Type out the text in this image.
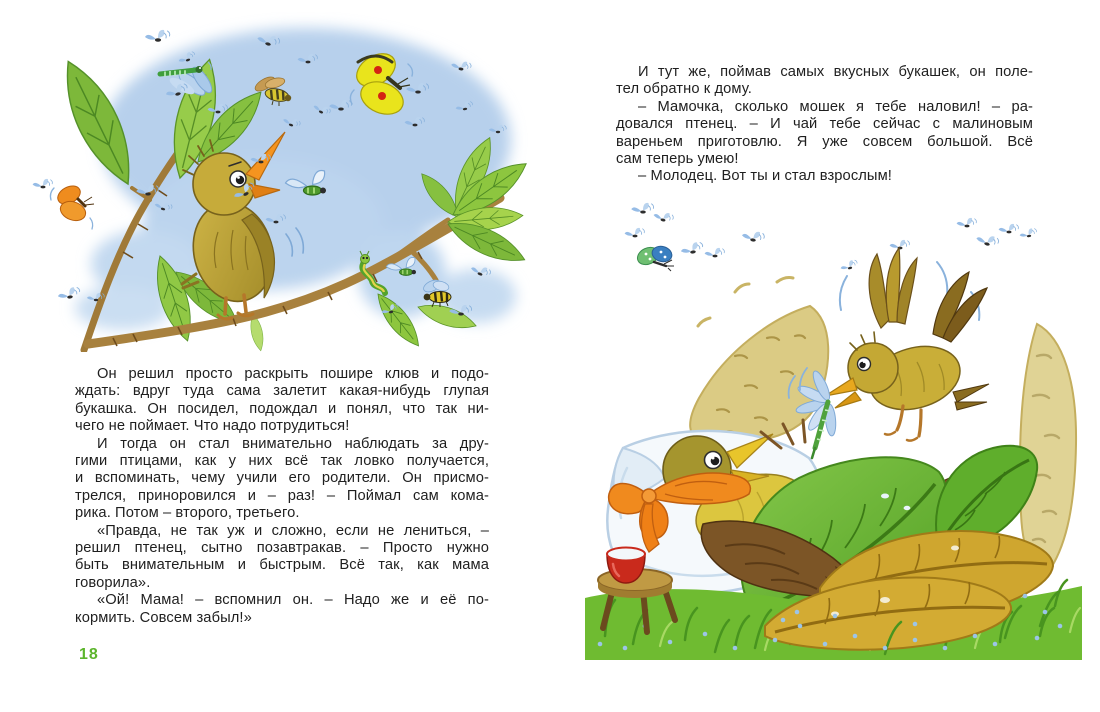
Он решил просто раскрыть пошире клюв и подо-
ждать: вдруг туда сама залетит какая-нибудь глупая
букашка. Он посидел, подождал и понял, что так ни-
чего не поймает. Что надо потрудиться!
И тогда он стал внимательно наблюдать за дру-
гими птицами, как у них всё так ловко получается,
и вспоминать, чему учили его родители. Он присмо-
трелся, приноровился и – раз! – Поймал сам кома-
рика. Потом – второго, третьего.
«Правда, не так уж и сложно, если не лениться, –
решил птенец, сытно позавтракав. – Просто нужно
быть внимательным и быстрым. Всё так, как мама
говорила».
«Ой! Мама! – вспомнил он. – Надо же и её по-
кормить. Совсем забыл!»
И тут же, поймав самых вкусных букашек, он поле-
тел обратно к дому.
– Мамочка, сколько мошек я тебе наловил! – ра-
довался птенец. – И чай тебе сейчас с малиновым
вареньем приготовлю. Я уже совсем большой. Всё
сам теперь умею!
– Молодец. Вот ты и стал взрослым!
18
